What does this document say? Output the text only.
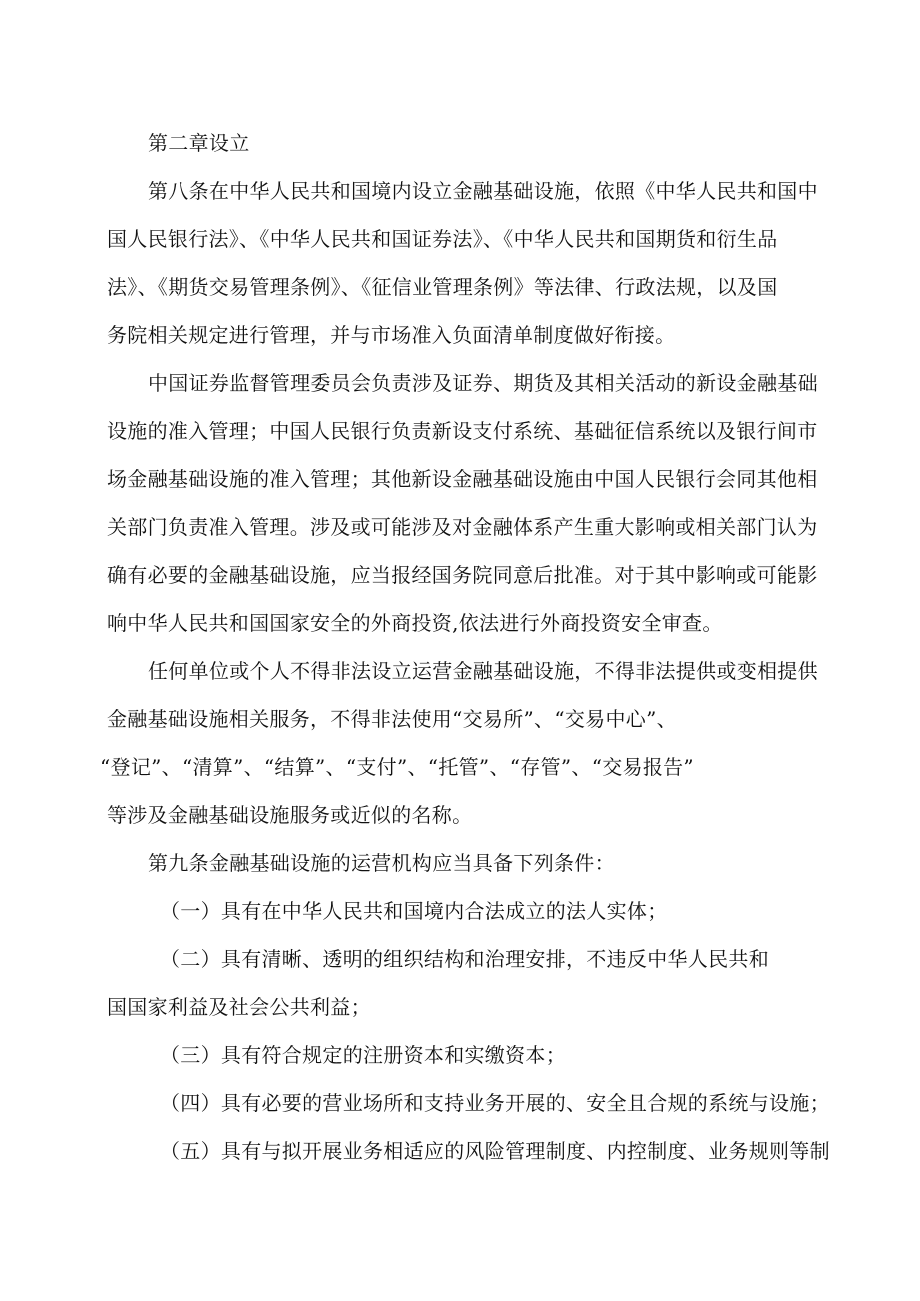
第二章设立
第八条在中华人民共和国境内设立金融基础设施，依照《中华人民共和国中
国人民银行法》、《中华人民共和国证券法》、《中华人民共和国期货和衍生品
法》、《期货交易管理条例》、《征信业管理条例》等法律、行政法规，以及国
务院相关规定进行管理，并与市场准入负面清单制度做好衔接。
中国证券监督管理委员会负责涉及证券、期货及其相关活动的新设金融基础
设施的准入管理；中国人民银行负责新设支付系统、基础征信系统以及银行间市
场金融基础设施的准入管理；其他新设金融基础设施由中国人民银行会同其他相
关部门负责准入管理。涉及或可能涉及对金融体系产生重大影响或相关部门认为
确有必要的金融基础设施，应当报经国务院同意后批准。对于其中影响或可能影
响中华人民共和国国家安全的外商投资,依法进行外商投资安全审查。
任何单位或个人不得非法设立运营金融基础设施，不得非法提供或变相提供
金融基础设施相关服务，不得非法使用“交易所”、“交易中心”、
“登记”、“清算”、“结算”、“支付”、“托管”、“存管”、“交易报告”
等涉及金融基础设施服务或近似的名称。
第九条金融基础设施的运营机构应当具备下列条件：
（一）具有在中华人民共和国境内合法成立的法人实体；
（二）具有清晰、透明的组织结构和治理安排，不违反中华人民共和
国国家利益及社会公共利益；
（三）具有符合规定的注册资本和实缴资本；
（四）具有必要的营业场所和支持业务开展的、安全且合规的系统与设施；
（五）具有与拟开展业务相适应的风险管理制度、内控制度、业务规则等制
